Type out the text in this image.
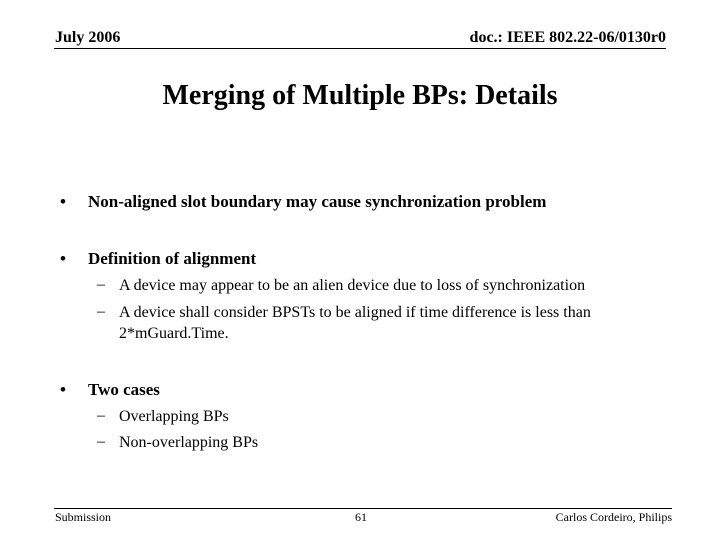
July 2006	doc.: IEEE 802.22-06/0130r0
Merging of Multiple BPs: Details
• Non-aligned slot boundary may cause synchronization problem
• Definition of alignment
– A device may appear to be an alien device due to loss of synchronization
– A device shall consider BPSTs to be aligned if time difference is less than
2*mGuard.Time.
• Two cases
– Overlapping BPs
– Non-overlapping BPs
Submission	61	Carlos Cordeiro, Philips
